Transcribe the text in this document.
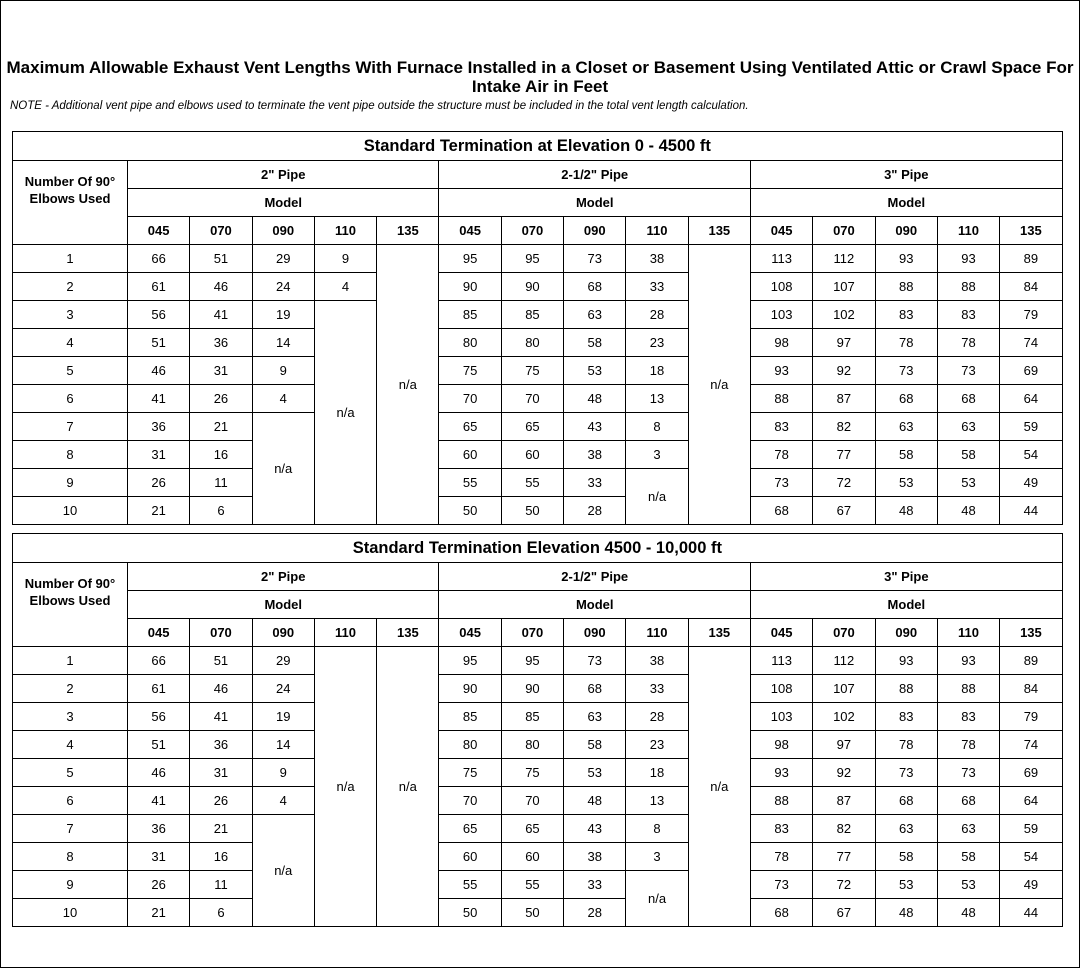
Maximum Allowable Exhaust Vent Lengths With Furnace Installed in a Closet or Basement Using Ventilated Attic or Crawl Space For Intake Air in Feet
NOTE - Additional vent pipe and elbows used to terminate the vent pipe outside the structure must be included in the total vent length calculation.
Standard Termination at Elevation 0 - 4500 ft															
Number Of 90° Elbows Used	2" Pipe					2-1/2" Pipe					3" Pipe				
	Model					Model					Model				
	045	070	090	110	135	045	070	090	110	135	045	070	090	110	135
1	66	51	29	9	n/a	95	95	73	38	n/a	113	112	93	93	89
2	61	46	24	4		90	90	68	33		108	107	88	88	84
3	56	41	19	n/a		85	85	63	28		103	102	83	83	79
4	51	36	14			80	80	58	23		98	97	78	78	74
5	46	31	9			75	75	53	18		93	92	73	73	69
6	41	26	4			70	70	48	13		88	87	68	68	64
7	36	21	n/a			65	65	43	8		83	82	63	63	59
8	31	16				60	60	38	3		78	77	58	58	54
9	26	11				55	55	33	n/a		73	72	53	53	49
10	21	6				50	50	28			68	67	48	48	44
Standard Termination Elevation 4500 - 10,000 ft															
Number Of 90° Elbows Used	2" Pipe					2-1/2" Pipe					3" Pipe				
	Model					Model					Model				
	045	070	090	110	135	045	070	090	110	135	045	070	090	110	135
1	66	51	29	n/a	n/a	95	95	73	38	n/a	113	112	93	93	89
2	61	46	24			90	90	68	33		108	107	88	88	84
3	56	41	19			85	85	63	28		103	102	83	83	79
4	51	36	14			80	80	58	23		98	97	78	78	74
5	46	31	9			75	75	53	18		93	92	73	73	69
6	41	26	4			70	70	48	13		88	87	68	68	64
7	36	21	n/a			65	65	43	8		83	82	63	63	59
8	31	16				60	60	38	3		78	77	58	58	54
9	26	11				55	55	33	n/a		73	72	53	53	49
10	21	6				50	50	28			68	67	48	48	44
